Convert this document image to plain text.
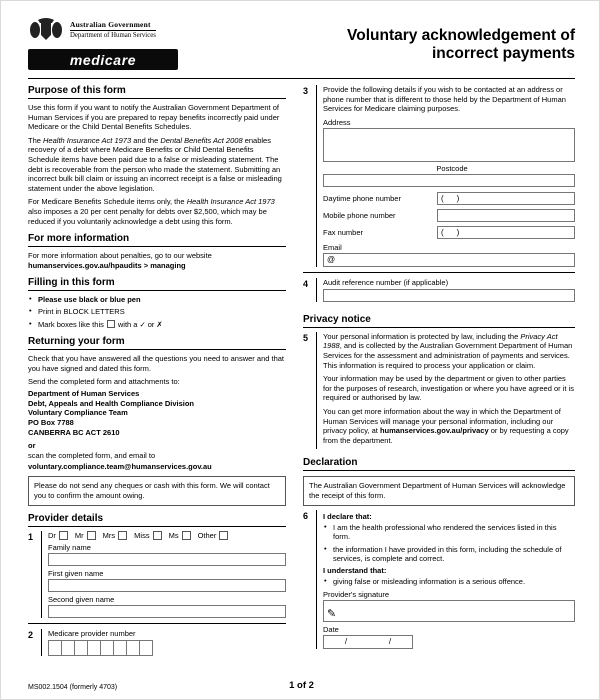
Australian Government
Department of Human Services
medicare
Voluntary acknowledgement of
incorrect payments
Purpose of this form

Use this form if you want to notify the Australian Government Department of Human Services if you are prepared to repay benefits incorrectly paid under Medicare or the Child Dental Benefits Schedules.

The Health Insurance Act 1973 and the Dental Benefits Act 2008 enables recovery of a debt where Medicare Benefits or Child Dental Benefits Schedule items have been paid due to a false or misleading statement. The debt is recoverable from the person who made the statement. Submitting an incorrect bulk bill claim or issuing an incorrect receipt is a false or misleading statement under the above legislation.

For Medicare Benefits Schedule items only, the Health Insurance Act 1973 also imposes a 20 per cent penalty for debts over $2,500, which may be reduced if you voluntarily acknowledge a debt using this form.

For more information

For more information about penalties, go to our website humanservices.gov.au/hpaudits > managing

Filling in this form
• Please use black or blue pen
• Print in BLOCK LETTERS
• Mark boxes like this with a ✓ or ✗
Returning your form

Check that you have answered all the questions you need to answer and that you have signed and dated this form.

Send the completed form and attachments to:

Department of Human Services
Debt, Appeals and Health Compliance Division
Voluntary Compliance Team
PO Box 7788
CANBERRA BC ACT 2610

or

scan the completed form, and email to

voluntary.compliance.team@humanservices.gov.au

Please do not send any cheques or cash with this form. We will contact you to confirm the amount owing.
Provider details
1	Dr	Mr	Mrs	Miss	Ms	Other
Family name
First given name
Second given name
2	Medicare provider number
3	Provide the following details if you wish to be contacted at an address or phone number that is different to those held by the Department of Human Services for Medicare claiming purposes.

Address
Postcode
Daytime phone number	( )
Mobile phone number
Fax number	( )
Email
@
4	Audit reference number (if applicable)
Privacy notice
5	Your personal information is protected by law, including the Privacy Act 1988, and is collected by the Australian Government Department of Human Services for the assessment and administration of payments and services. This information is required to process your application or claim.

Your information may be used by the department or given to other parties for the purposes of research, investigation or where you have agreed or it is required or authorised by law.

You can get more information about the way in which the Department of Human Services will manage your personal information, including our privacy policy, at humanservices.gov.au/privacy or by requesting a copy from the department.

Declaration
The Australian Government Department of Human Services will acknowledge the receipt of this form.
6	I declare that:
• I am the health professional who rendered the services listed in this form.
• the information I have provided in this form, including the schedule of services, is complete and correct.
I understand that:
• giving false or misleading information is a serious offence.
Provider's signature
✎
Date
/	/
MS002.1504 (formerly 4703)	1 of 2
